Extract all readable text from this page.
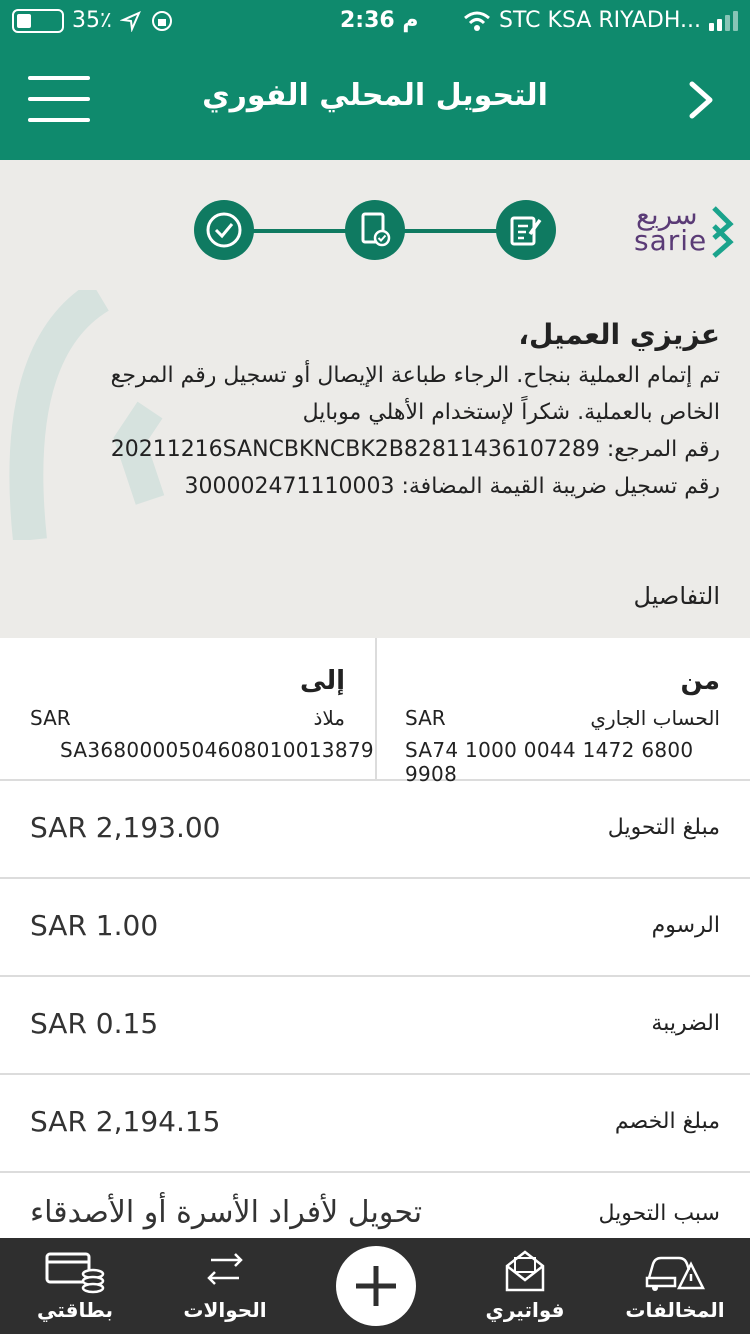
35٪	2:36 م	STC KSA RIYADH...
التحويل المحلي الفوري
سريع
sarie
عزيزي العميل،

تم إتمام العملية بنجاح. الرجاء طباعة الإيصال أو تسجيل رقم المرجع

الخاص بالعملية. شكراً لإستخدام الأهلي موبايل

رقم المرجع: 20211216SANCBKNCBK2B82811436107289

رقم تسجيل ضريبة القيمة المضافة: 300002471110003

التفاصيل
من
الحساب الجاري
SAR
SA74 1000 0044 1472 6800 9908
إلى
ملاذ
SAR
SA3680000504608010013879
مبلغ التحويل
SAR 2,193.00
الرسوم
SAR 1.00
الضريبة
SAR 0.15
مبلغ الخصم
SAR 2,194.15
سبب التحويل
تحويل لأفراد الأسرة أو الأصدقاء
بطاقتي	الحوالات	فواتيري	المخالفات
